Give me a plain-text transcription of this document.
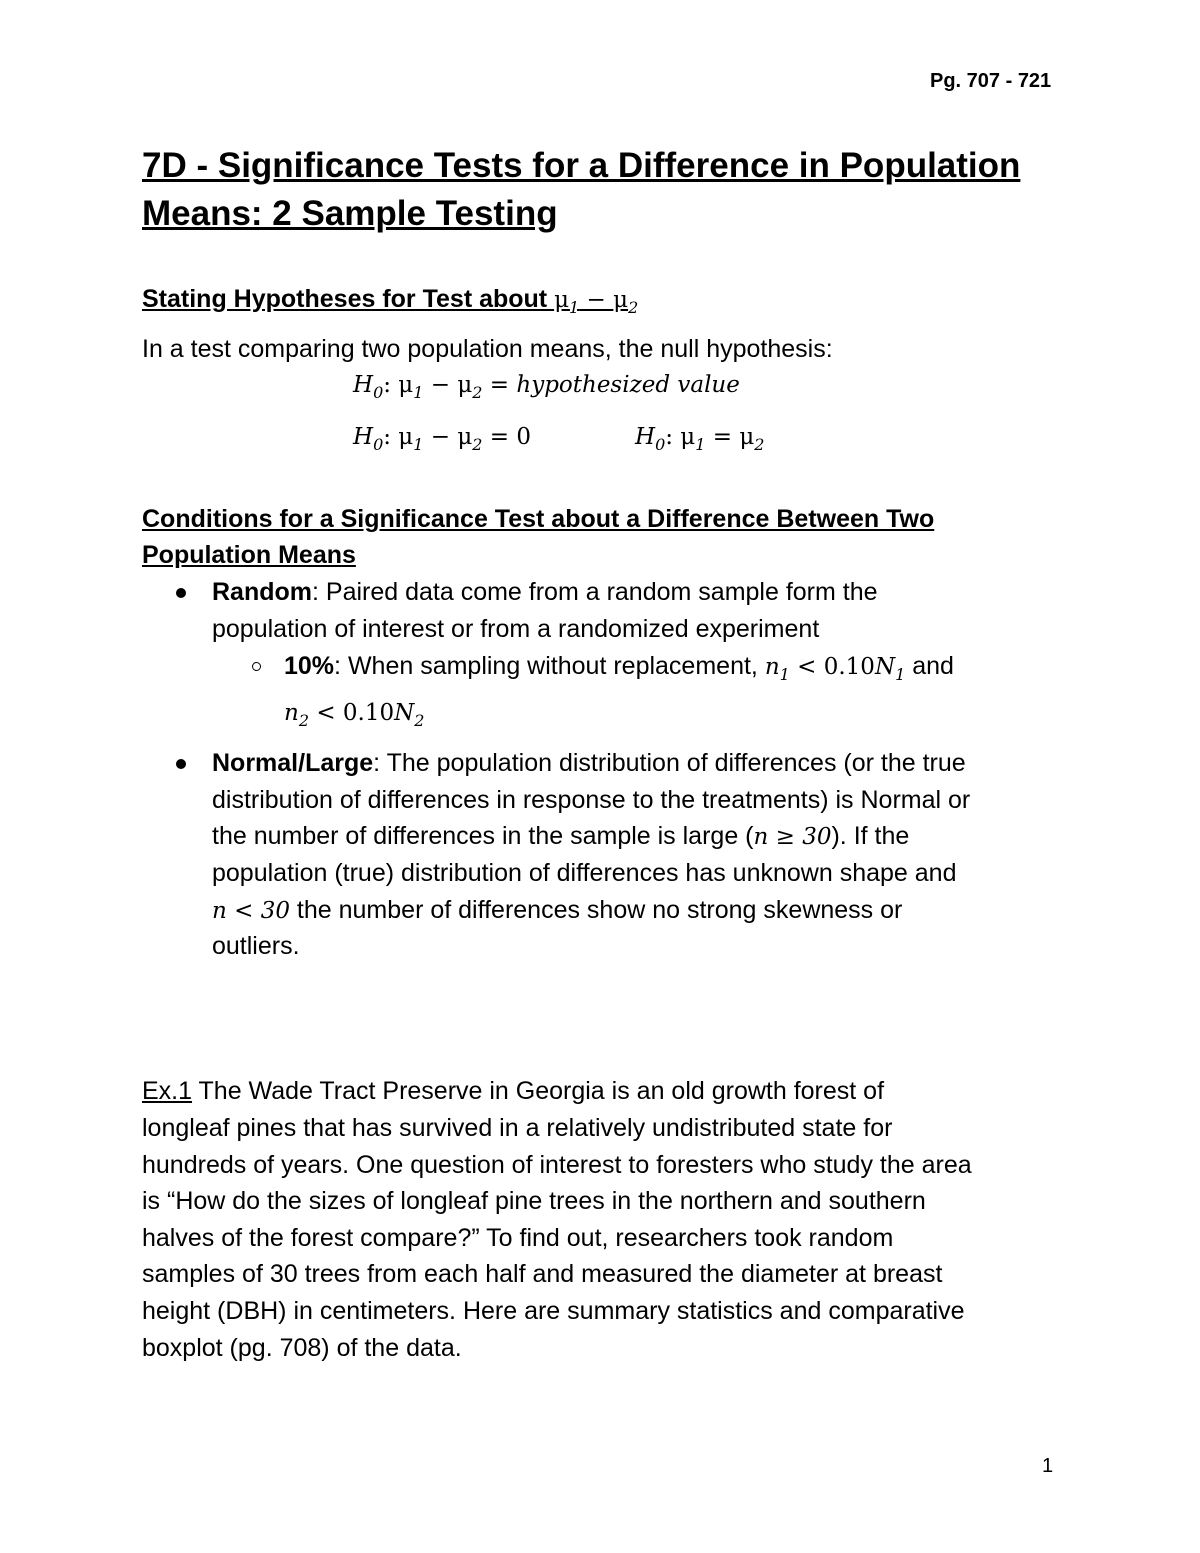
Pg. 707 - 721
7D - Significance Tests for a Difference in Population Means: 2 Sample Testing
Stating Hypotheses for Test about $\mu_1 - \mu_2$
In a test comparing two population means, the null hypothesis:
$H_0$: $\mu_1 - \mu_2$ = hypothesized value
$H_0$: $\mu_1 - \mu_2 = 0$	$H_0$: $\mu_1 = \mu_2$
Conditions for a Significance Test about a Difference Between Two
Population Means
Random: Paired data come from a random sample form the
population of interest or from a randomized experiment
10%: When sampling without replacement, $n_1 < 0.10N_1$ and
$n_2 < 0.10N_2$
Normal/Large: The population distribution of differences (or the true
distribution of differences in response to the treatments) is Normal or
the number of differences in the sample is large (n ≥ 30). If the
population (true) distribution of differences has unknown shape and
n < 30 the number of differences show no strong skewness or
outliers.
Ex.1 The Wade Tract Preserve in Georgia is an old growth forest of
longleaf pines that has survived in a relatively undistributed state for
hundreds of years. One question of interest to foresters who study the area
is “How do the sizes of longleaf pine trees in the northern and southern
halves of the forest compare?” To find out, researchers took random
samples of 30 trees from each half and measured the diameter at breast
height (DBH) in centimeters. Here are summary statistics and comparative
boxplot (pg. 708) of the data.
1
